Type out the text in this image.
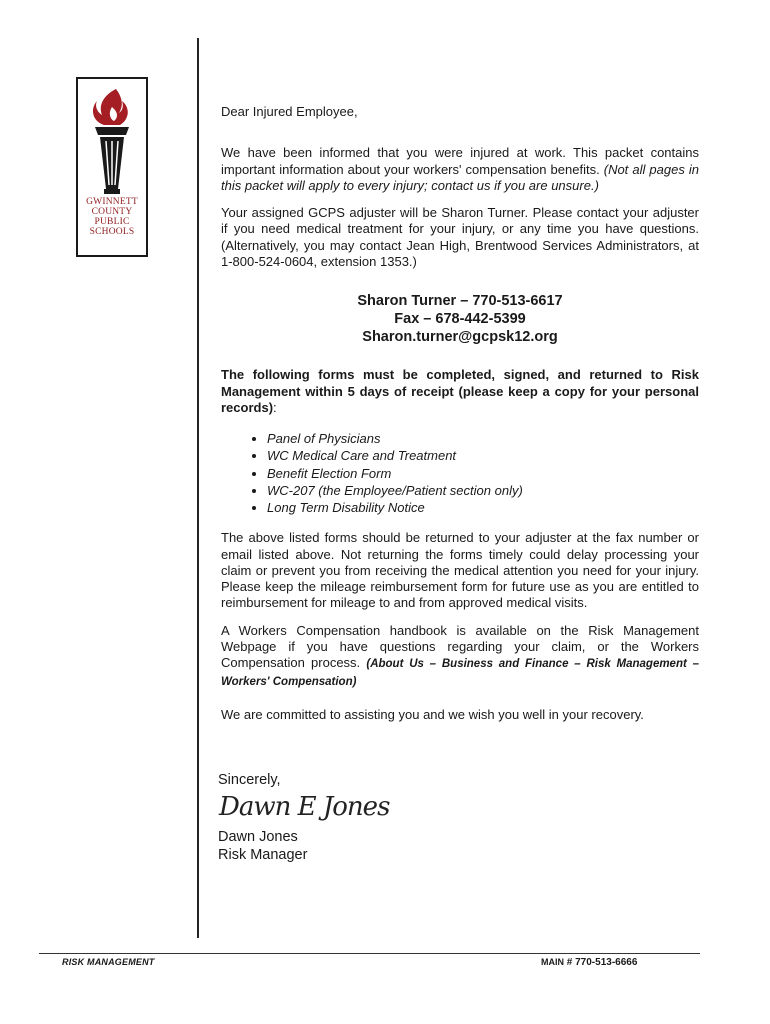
GWINNETT
COUNTY
PUBLIC
SCHOOLS

Dear Injured Employee,

We have been informed that you were injured at work. This packet contains important information about your workers' compensation benefits. (Not all pages in this packet will apply to every injury; contact us if you are unsure.)

Your assigned GCPS adjuster will be Sharon Turner. Please contact your adjuster if you need medical treatment for your injury, or any time you have questions. (Alternatively, you may contact Jean High, Brentwood Services Administrators, at 1-800-524-0604, extension 1353.)

Sharon Turner – 770-513-6617
Fax – 678-442-5399
Sharon.turner@gcpsk12.org

The following forms must be completed, signed, and returned to Risk Management within 5 days of receipt (please keep a copy for your personal records):

• Panel of Physicians
• WC Medical Care and Treatment
• Benefit Election Form
• WC-207 (the Employee/Patient section only)
• Long Term Disability Notice

The above listed forms should be returned to your adjuster at the fax number or email listed above. Not returning the forms timely could delay processing your claim or prevent you from receiving the medical attention you need for your injury. Please keep the mileage reimbursement form for future use as you are entitled to reimbursement for mileage to and from approved medical visits.

A Workers Compensation handbook is available on the Risk Management Webpage if you have questions regarding your claim, or the Workers Compensation process. (About Us – Business and Finance – Risk Management – Workers' Compensation)

We are committed to assisting you and we wish you well in your recovery.

Sincerely,
Dawn E Jones
Dawn Jones
Risk Manager
RISK MANAGEMENT	MAIN # 770-513-6666
